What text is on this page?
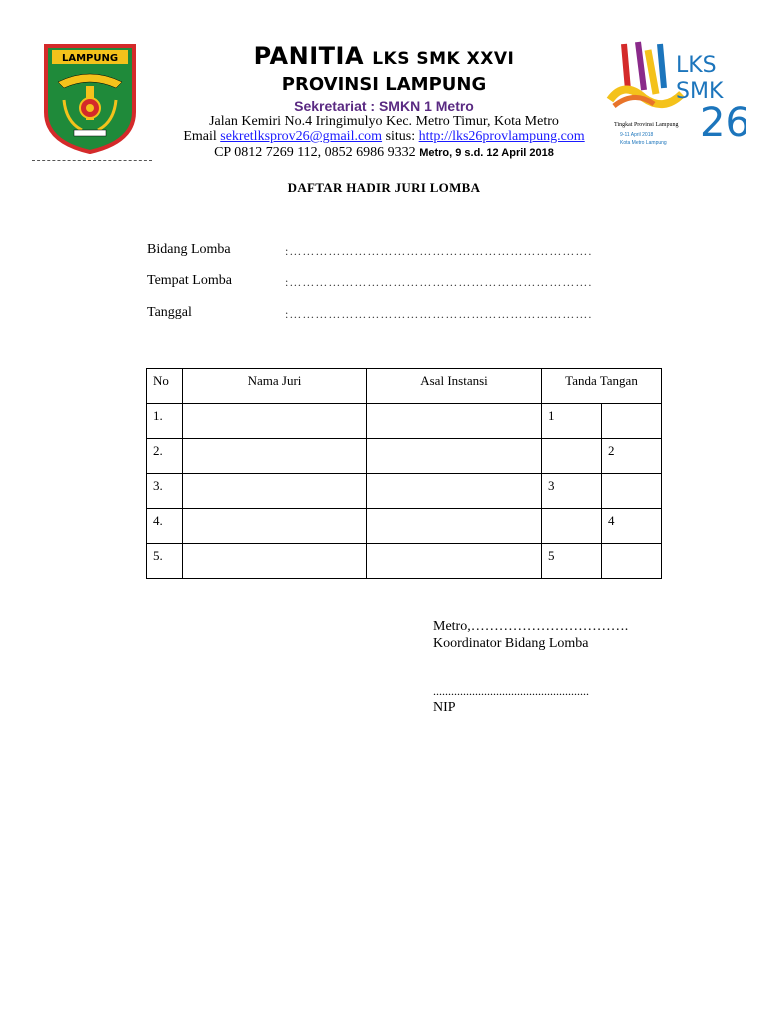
LAMPUNG	LKS
SMK
26
Tingkat Provinsi Lampung
9-11 April 2018
Kota Metro Lampung
PANITIA LKS SMK XXVI
PROVINSI LAMPUNG
Sekretariat : SMKN 1 Metro
Jalan Kemiri No.4 Iringimulyo Kec. Metro Timur, Kota Metro
Email sekretlksprov26@gmail.com situs: http://lks26provlampung.com
CP 0812 7269 112, 0852 6986 9332 Metro, 9 s.d. 12 April 2018
DAFTAR HADIR JURI LOMBA
Bidang Lomba	:…………………………………………………………….
Tempat Lomba	:…………………………………………………………….
Tanggal	:…………………………………………………………….
No	Nama Juri	Asal Instansi	Tanda Tangan	
1.			1	
2.				2
3.			3	
4.				4
5.			5	
Metro,…………………………….
Koordinator Bidang Lomba
....................................................
NIP
